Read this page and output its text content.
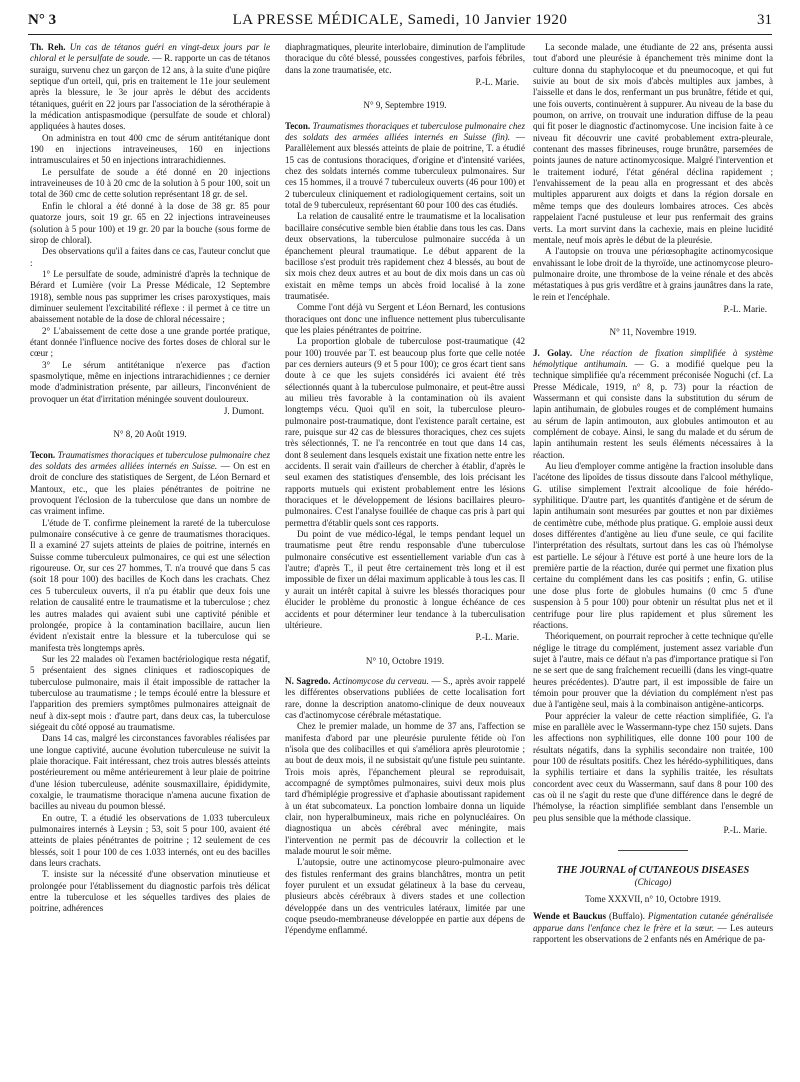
N° 3	LA PRESSE MÉDICALE, Samedi, 10 Janvier 1920	31

Th. Reh. Un cas de tétanos guéri en vingt-deux jours par le chloral et le persulfate de soude. — R. rapporte un cas de tétanos suraigu, survenu chez un garçon de 12 ans, à la suite d'une piqûre septique d'un orteil, qui, pris en traitement le 11e jour seulement après la blessure, le 3e jour après le début des accidents tétaniques, guérit en 22 jours par l'association de la sérothérapie à la médication antispasmodique (persulfate de soude et chloral) appliquées à hautes doses.

On administra en tout 400 cmc de sérum antitétanique dont 190 en injections intraveineuses, 160 en injections intramusculaires et 50 en injections intrarachidiennes.

Le persulfate de soude a été donné en 20 injections intraveineuses de 10 à 20 cmc de la solution à 5 pour 100, soit un total de 360 cmc de cette solution représentant 18 gr. de sel.

Enfin le chloral a été donné à la dose de 38 gr. 85 pour quatorze jours, soit 19 gr. 65 en 22 injections intraveineuses (solution à 5 pour 100) et 19 gr. 20 par la bouche (sous forme de sirop de chloral).

Des observations qu'il a faites dans ce cas, l'auteur conclut que :

1° Le persulfate de soude, administré d'après la technique de Bérard et Lumière (voir La Presse Médicale, 12 Septembre 1918), semble nous pas supprimer les crises paroxystiques, mais diminuer seulement l'excitabilité réflexe : il permet à ce titre un abaissement notable de la dose de chloral nécessaire ;

2° L'abaissement de cette dose a une grande portée pratique, étant donnée l'influence nocive des fortes doses de chloral sur le cœur ;

3° Le sérum antitétanique n'exerce pas d'action spasmolytique, même en injections intrarachidiennes ; ce dernier mode d'administration présente, par ailleurs, l'inconvénient de provoquer un état d'irritation méningée souvent douloureux.

J. Dumont.

N° 8, 20 Août 1919.

Tecon. Traumatismes thoraciques et tuberculose pulmonaire chez des soldats des armées alliées internés en Suisse. — On est en droit de conclure des statistiques de Sergent, de Léon Bernard et Mantoux, etc., que les plaies pénétrantes de poitrine ne provoquent l'éclosion de la tuberculose que dans un nombre de cas vraiment infime.

L'étude de T. confirme pleinement la rareté de la tuberculose pulmonaire consécutive à ce genre de traumatismes thoraciques. Il a examiné 27 sujets atteints de plaies de poitrine, internés en Suisse comme tuberculeux pulmonaires, ce qui est une sélection rigoureuse. Or, sur ces 27 hommes, T. n'a trouvé que dans 5 cas (soit 18 pour 100) des bacilles de Koch dans les crachats. Chez ces 5 tuberculeux ouverts, il n'a pu établir que deux fois une relation de causalité entre le traumatisme et la tuberculose ; chez les autres malades qui avaient subi une captivité pénible et prolongée, propice à la contamination bacillaire, aucun lien évident n'existait entre la blessure et la tuberculose qui se manifesta très longtemps après.

Sur les 22 malades où l'examen bactériologique resta négatif, 5 présentaient des signes cliniques et radioscopiques de tuberculose pulmonaire, mais il était impossible de rattacher la tuberculose au traumatisme ; le temps écoulé entre la blessure et l'apparition des premiers symptômes pulmonaires atteignait de neuf à dix-sept mois : d'autre part, dans deux cas, la tuberculose siégeait du côté opposé au traumatisme.

Dans 14 cas, malgré les circonstances favorables réalisées par une longue captivité, aucune évolution tuberculeuse ne suivit la plaie thoracique. Fait intéressant, chez trois autres blessés atteints postérieurement ou même antérieurement à leur plaie de poitrine d'une lésion tuberculeuse, adénite sousmaxillaire, épididymite, coxalgie, le traumatisme thoracique n'amena aucune fixation de bacilles au niveau du poumon blessé.

En outre, T. a étudié les observations de 1.033 tuberculeux pulmonaires internés à Leysin ; 53, soit 5 pour 100, avaient été atteints de plaies pénétrantes de poitrine ; 12 seulement de ces blessés, soit 1 pour 100 de ces 1.033 internés, ont eu des bacilles dans leurs crachats.

T. insiste sur la nécessité d'une observation minutieuse et prolongée pour l'établissement du diagnostic parfois très délicat entre la tuberculose et les séquelles tardives des plaies de poitrine, adhérences

diaphragmatiques, pleurite interlobaire, diminution de l'amplitude thoracique du côté blessé, poussées congestives, parfois fébriles, dans la zone traumatisée, etc.

P.-L. Marie.

N° 9, Septembre 1919.

Tecon. Traumatismes thoraciques et tuberculose pulmonaire chez des soldats des armées alliées internés en Suisse (fin). — Parallèlement aux blessés atteints de plaie de poitrine, T. a étudié 15 cas de contusions thoraciques, d'origine et d'intensité variées, chez des soldats internés comme tuberculeux pulmonaires. Sur ces 15 hommes, il a trouvé 7 tuberculeux ouverts (46 pour 100) et 2 tuberculeux cliniquement et radiologiquement certains, soit un total de 9 tuberculeux, représentant 60 pour 100 des cas étudiés.

La relation de causalité entre le traumatisme et la localisation bacillaire consécutive semble bien établie dans tous les cas. Dans deux observations, la tuberculose pulmonaire succéda à un épanchement pleural traumatique. Le début apparent de la bacillose s'est produit très rapidement chez 4 blessés, au bout de six mois chez deux autres et au bout de dix mois dans un cas où existait en même temps un abcès froid localisé à la zone traumatisée.

Comme l'ont déjà vu Sergent et Léon Bernard, les contusions thoraciques ont donc une influence nettement plus tuberculisante que les plaies pénétrantes de poitrine.

La proportion globale de tuberculose post-traumatique (42 pour 100) trouvée par T. est beaucoup plus forte que celle notée par ces derniers auteurs (9 et 5 pour 100); ce gros écart tient sans doute à ce que les sujets considérés ici avaient été très sélectionnés quant à la tuberculose pulmonaire, et peut-être aussi au milieu très favorable à la contamination où ils avaient longtemps vécu. Quoi qu'il en soit, la tuberculose pleuro-pulmonaire post-traumatique, dont l'existence paraît certaine, est rare, puisque sur 42 cas de blessures thoraciques, chez ces sujets très sélectionnés, T. ne l'a rencontrée en tout que dans 14 cas, dont 8 seulement dans lesquels existait une fixation nette entre les accidents. Il serait vain d'ailleurs de chercher à établir, d'après le seul examen des statistiques d'ensemble, des lois précisant les rapports mutuels qui existent probablement entre les lésions thoraciques et le développement de lésions bacillaires pleuro-pulmonaires. C'est l'analyse fouillée de chaque cas pris à part qui permettra d'établir quels sont ces rapports.

Du point de vue médico-légal, le temps pendant lequel un traumatisme peut être rendu responsable d'une tuberculose pulmonaire consécutive est essentiellement variable d'un cas à l'autre; d'après T., il peut être certainement très long et il est impossible de fixer un délai maximum applicable à tous les cas. Il y aurait un intérêt capital à suivre les blessés thoraciques pour élucider le problème du pronostic à longue échéance de ces accidents et pour déterminer leur tendance à la tuberculisation ultérieure.

P.-L. Marie.

N° 10, Octobre 1919.

N. Sagredo. Actinomycose du cerveau. — S., après avoir rappelé les différentes observations publiées de cette localisation fort rare, donne la description anatomo-clinique de deux nouveaux cas d'actinomycose cérébrale métastatique.

Chez le premier malade, un homme de 37 ans, l'affection se manifesta d'abord par une pleurésie purulente fétide où l'on n'isola que des colibacilles et qui s'améliora après pleurotomie ; au bout de deux mois, il ne subsistait qu'une fistule peu suintante. Trois mois après, l'épanchement pleural se reproduisait, accompagné de symptômes pulmonaires, suivi deux mois plus tard d'hémiplégie progressive et d'aphasie aboutissant rapidement à un état subcomateux. La ponction lombaire donna un liquide clair, non hyperalbumineux, mais riche en polynucléaires. On diagnostiqua un abcès cérébral avec méningite, mais l'intervention ne permit pas de découvrir la collection et le malade mourut le soir même.

L'autopsie, outre une actinomycose pleuro-pulmonaire avec des fistules renfermant des grains blanchâtres, montra un petit foyer purulent et un exsudat gélatineux à la base du cerveau, plusieurs abcès cérébraux à divers stades et une collection développée dans un des ventricules latéraux, limitée par une coque pseudo-membraneuse développée en partie aux dépens de l'épendyme enflammé.

La seconde malade, une étudiante de 22 ans, présenta aussi tout d'abord une pleurésie à épanchement très minime dont la culture donna du staphylocoque et du pneumocoque, et qui fut suivie au bout de six mois d'abcès multiples aux jambes, à l'aisselle et dans le dos, renfermant un pus brunâtre, fétide et qui, une fois ouverts, continuèrent à suppurer. Au niveau de la base du poumon, on arrive, on trouvait une induration diffuse de la peau qui fit poser le diagnostic d'actinomycose. Une incision faite à ce niveau fit découvrir une cavité probablement extra-pleurale, contenant des masses fibrineuses, rouge brunâtre, parsemées de points jaunes de nature actinomycosique. Malgré l'intervention et le traitement ioduré, l'état général déclina rapidement ; l'envahissement de la peau alla en progressant et des abcès multiples apparurent aux doigts et dans la région dorsale en même temps que des douleurs lombaires atroces. Ces abcès rappelaient l'acné pustuleuse et leur pus renfermait des grains verts. La mort survint dans la cachexie, mais en pleine lucidité mentale, neuf mois après le début de la pleurésie.

A l'autopsie on trouva une périœsophagite actinomycosique envahissant le lobe droit de la thyroïde, une actinomycose pleuro-pulmonaire droite, une thrombose de la veine rénale et des abcès métastatiques à pus gris verdâtre et à grains jaunâtres dans la rate, le rein et l'encéphale.

P.-L. Marie.

N° 11, Novembre 1919.

J. Golay. Une réaction de fixation simplifiée à système hémolytique antihumain. — G. a modifié quelque peu la technique simplifiée qu'a récemment préconisée Noguchi (cf. La Presse Médicale, 1919, n° 8, p. 73) pour la réaction de Wassermann et qui consiste dans la substitution du sérum de lapin antihumain, de globules rouges et de complément humains au sérum de lapin antimouton, aux globules antimouton et au complément de cobaye. Ainsi, le sang du malade et du sérum de lapin antihumain restent les seuls éléments nécessaires à la réaction.

Au lieu d'employer comme antigène la fraction insoluble dans l'acétone des lipoïdes de tissus dissoute dans l'alcool méthylique, G. utilise simplement l'extrait alcoolique de foie hérédo-syphilitique. D'autre part, les quantités d'antigène et de sérum de lapin antihumain sont mesurées par gouttes et non par dixièmes de centimètre cube, méthode plus pratique. G. emploie aussi deux doses différentes d'antigène au lieu d'une seule, ce qui facilite l'interprétation des résultats, surtout dans les cas où l'hémolyse est partielle. Le séjour à l'étuve est porté à une heure lors de la première partie de la réaction, durée qui permet une fixation plus certaine du complément dans les cas positifs ; enfin, G. utilise une dose plus forte de globules humains (0 cmc 5 d'une suspension à 5 pour 100) pour obtenir un résultat plus net et il centrifuge pour lire plus rapidement et plus sûrement les réactions.

Théoriquement, on pourrait reprocher à cette technique qu'elle néglige le titrage du complément, justement assez variable d'un sujet à l'autre, mais ce défaut n'a pas d'importance pratique si l'on ne se sert que de sang fraîchement recueilli (dans les vingt-quatre heures précédentes). D'autre part, il est impossible de faire un témoin pour prouver que la déviation du complément n'est pas due à l'antigène seul, mais à la combinaison antigène-anticorps.

Pour apprécier la valeur de cette réaction simplifiée, G. l'a mise en parallèle avec le Wassermann-type chez 150 sujets. Dans les affections non syphilitiques, elle donne 100 pour 100 de résultats négatifs, dans la syphilis secondaire non traitée, 100 pour 100 de résultats positifs. Chez les hérédo-syphilitiques, dans la syphilis tertiaire et dans la syphilis traitée, les résultats concordent avec ceux du Wassermann, sauf dans 8 pour 100 des cas où il ne s'agit du reste que d'une différence dans le degré de l'hémolyse, la réaction simplifiée semblant dans l'ensemble un peu plus sensible que la méthode classique.

P.-L. Marie.

THE JOURNAL of CUTANEOUS DISEASES

(Chicago)

Tome XXXVII, n° 10, Octobre 1919.

Wende et Bauckus (Buffalo). Pigmentation cutanée généralisée apparue dans l'enfance chez le frère et la sœur. — Les auteurs rapportent les observations de 2 enfants nés en Amérique de pa-
